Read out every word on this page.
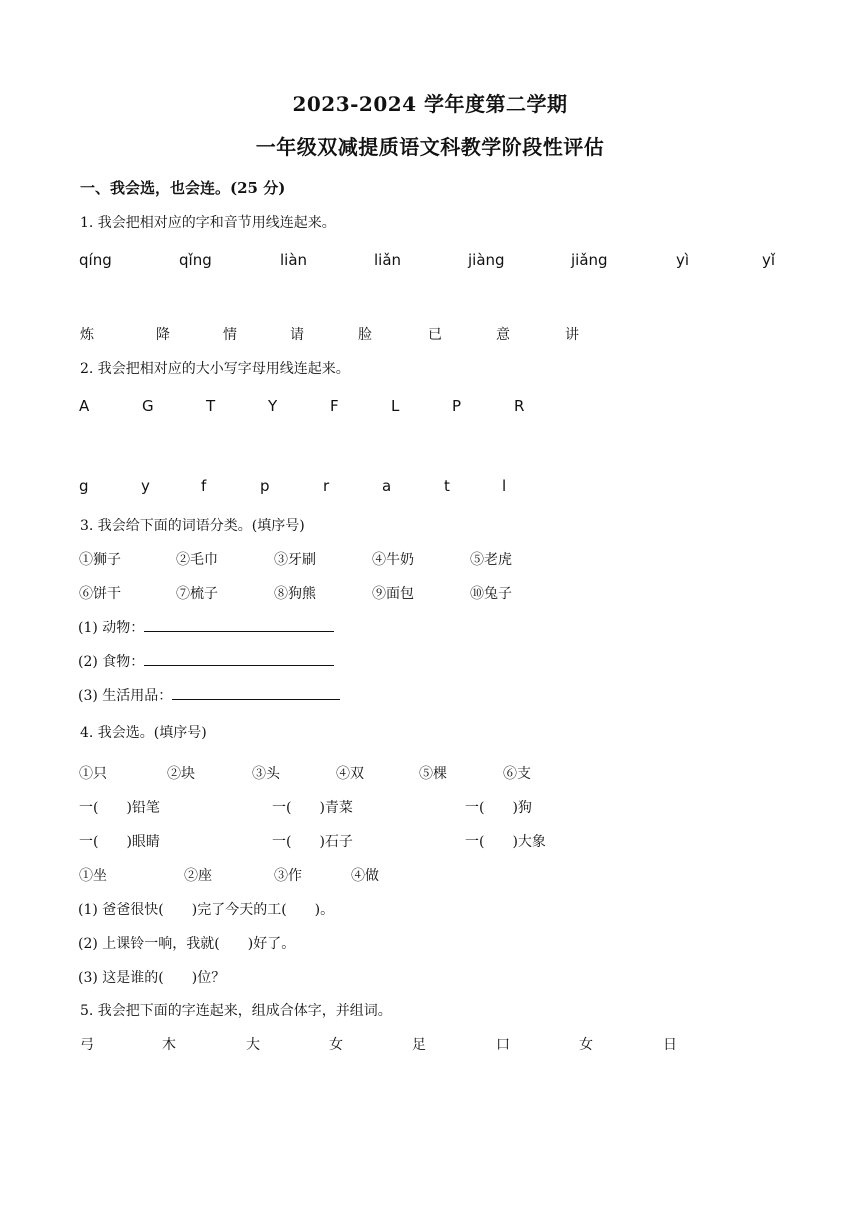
2023-2024 学年度第二学期
一年级双减提质语文科教学阶段性评估
一、我会选，也会连。(25 分)
1. 我会把相对应的字和音节用线连起来。
qíng	qǐng	liàn	liǎn	jiàng	jiǎng	yì	yǐ
炼	降	情	请	脸	已	意	讲
2. 我会把相对应的大小写字母用线连起来。
A	G	T	Y	F	L	P	R
g	y	f	p	r	a	t	l
3. 我会给下面的词语分类。(填序号)
①狮子	②毛巾	③牙刷	④牛奶	⑤老虎
⑥饼干	⑦梳子	⑧狗熊	⑨面包	⑩兔子
(1) 动物：
(2) 食物：
(3) 生活用品：
4. 我会选。(填序号)
①只	②块	③头	④双	⑤棵	⑥支
一(　　)铅笔	一(　　)青菜	一(　　)狗
一(　　)眼睛	一(　　)石子	一(　　)大象
①坐	②座	③作	④做
(1) 爸爸很快(　　)完了今天的工(　　)。
(2) 上课铃一响，我就(　　)好了。
(3) 这是谁的(　　)位？
5. 我会把下面的字连起来，组成合体字，并组词。
弓	木	大	女	足	口	女	日
